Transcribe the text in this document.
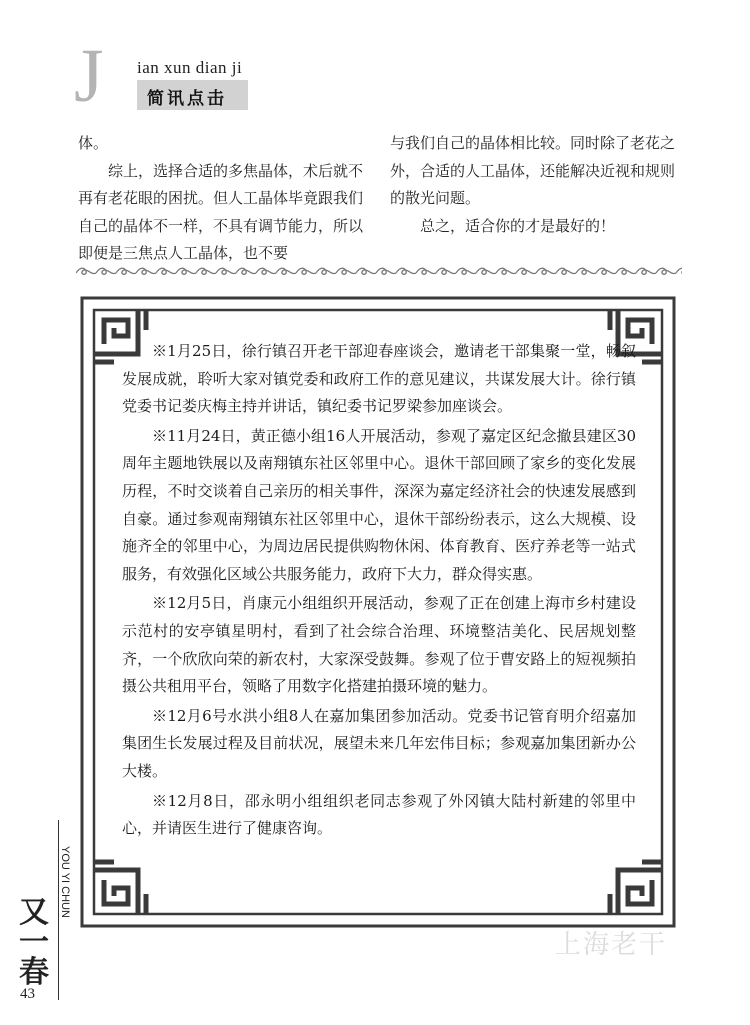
J ian xun dian ji
简讯点击

体。

综上，选择合适的多焦晶体，术后就不再有老花眼的困扰。但人工晶体毕竟跟我们自己的晶体不一样，不具有调节能力，所以即便是三焦点人工晶体，也不要

与我们自己的晶体相比较。同时除了老花之外，合适的人工晶体，还能解决近视和规则的散光问题。

总之，适合你的才是最好的！

※1月25日，徐行镇召开老干部迎春座谈会，邀请老干部集聚一堂，畅叙发展成就，聆听大家对镇党委和政府工作的意见建议，共谋发展大计。徐行镇党委书记娄庆梅主持并讲话，镇纪委书记罗梁参加座谈会。

※11月24日，黄正德小组16人开展活动，参观了嘉定区纪念撤县建区30周年主题地铁展以及南翔镇东社区邻里中心。退休干部回顾了家乡的变化发展历程，不时交谈着自己亲历的相关事件，深深为嘉定经济社会的快速发展感到自豪。通过参观南翔镇东社区邻里中心，退休干部纷纷表示，这么大规模、设施齐全的邻里中心，为周边居民提供购物休闲、体育教育、医疗养老等一站式服务，有效强化区域公共服务能力，政府下大力，群众得实惠。

※12月5日，肖康元小组组织开展活动，参观了正在创建上海市乡村建设示范村的安亭镇星明村，看到了社会综合治理、环境整洁美化、民居规划整齐，一个欣欣向荣的新农村，大家深受鼓舞。参观了位于曹安路上的短视频拍摄公共租用平台，领略了用数字化搭建拍摄环境的魅力。

※12月6号水洪小组8人在嘉加集团参加活动。党委书记管育明介绍嘉加集团生长发展过程及目前状况，展望未来几年宏伟目标；参观嘉加集团新办公大楼。

※12月8日，邵永明小组组织老同志参观了外冈镇大陆村新建的邻里中心，并请医生进行了健康咨询。

YOU YI CHUN
又一春
43
上海老干
